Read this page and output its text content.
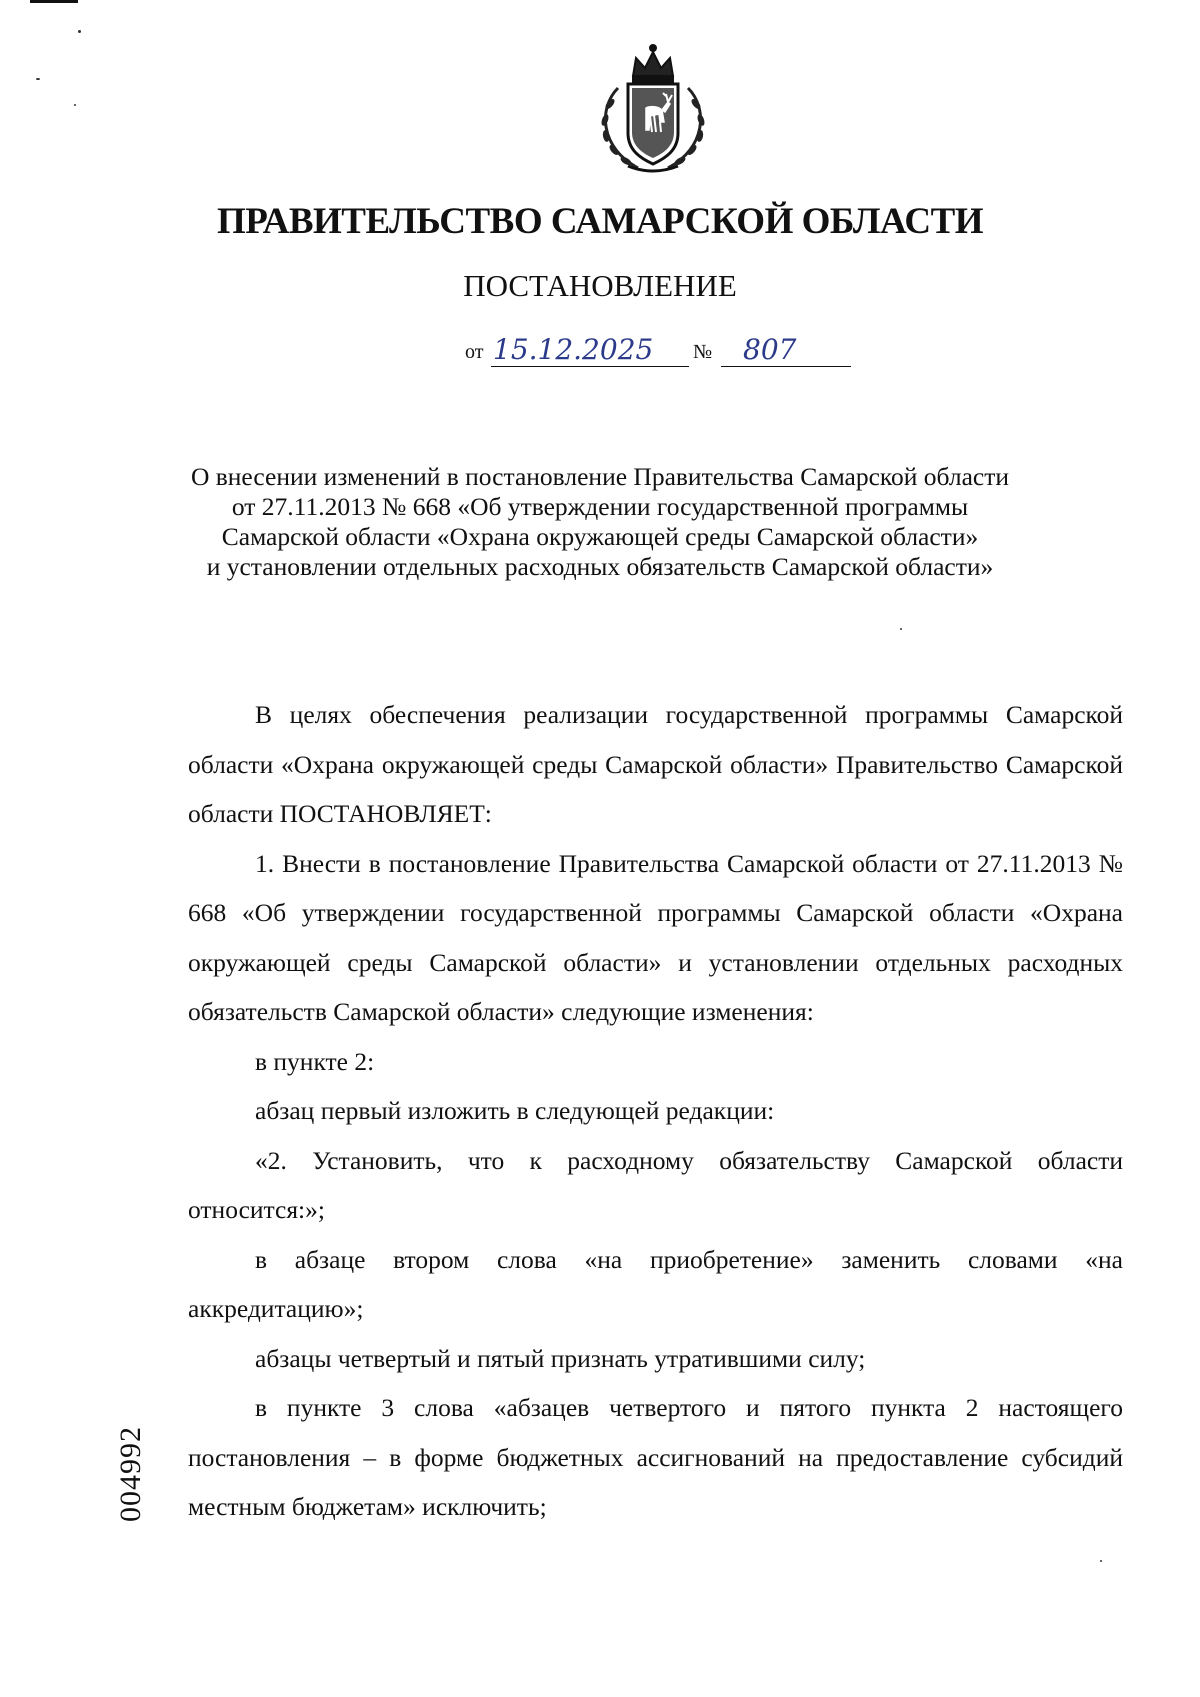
ПРАВИТЕЛЬСТВО САМАРСКОЙ ОБЛАСТИ
ПОСТАНОВЛЕНИЕ
от 15.12.2025 № 807
О внесении изменений в постановление Правительства Самарской области
от 27.11.2013 № 668 «Об утверждении государственной программы
Самарской области «Охрана окружающей среды Самарской области»
и установлении отдельных расходных обязательств Самарской области»

В целях обеспечения реализации государственной программы Самарской области «Охрана окружающей среды Самарской области» Правительство Самарской области ПОСТАНОВЛЯЕТ:

1. Внести в постановление Правительства Самарской области от 27.11.2013 № 668 «Об утверждении государственной программы Самарской области «Охрана окружающей среды Самарской области» и установлении отдельных расходных обязательств Самарской области» следующие изменения:

в пункте 2:

абзац первый изложить в следующей редакции:

«2. Установить, что к расходному обязательству Самарской области относится:»;

в абзаце втором слова «на приобретение» заменить словами «на аккредитацию»;

абзацы четвертый и пятый признать утратившими силу;

в пункте 3 слова «абзацев четвертого и пятого пункта 2 настоящего постановления – в форме бюджетных ассигнований на предоставление субсидий местным бюджетам» исключить;

004992
